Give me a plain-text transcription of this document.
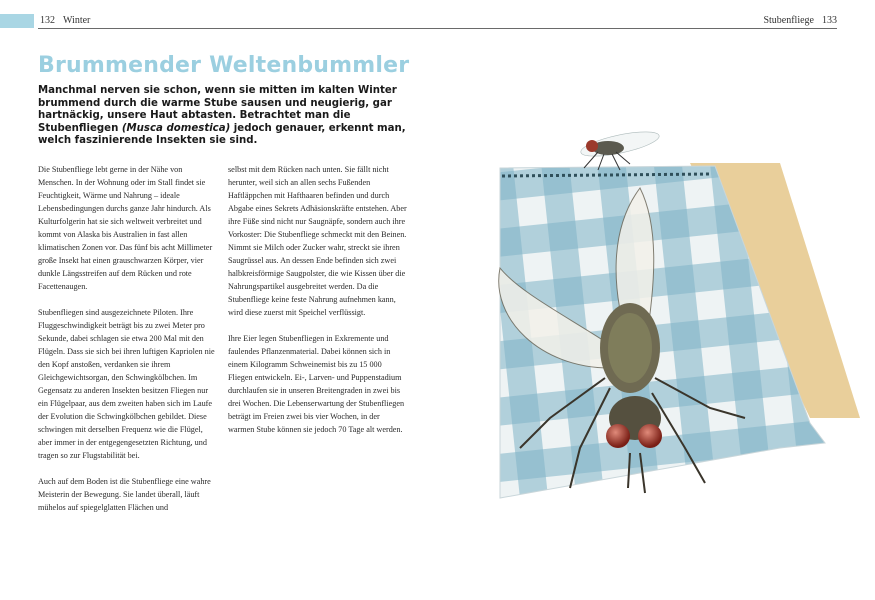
132 Winter	Stubenfliege 133
Brummender Weltenbummler

Manchmal nerven sie schon, wenn sie mitten im kalten Winter brummend durch die warme Stube sausen und neugierig, gar hartnäckig, unsere Haut abtasten. Betrachtet man die Stubenfliegen (Musca domestica) jedoch genauer, erkennt man, welch faszinierende Insekten sie sind.

Die Stubenfliege lebt gerne in der Nähe von Menschen. In der Wohnung oder im Stall findet sie Feuchtigkeit, Wärme und Nahrung – ideale Lebensbedingungen durchs ganze Jahr hindurch. Als Kulturfolgerin hat sie sich weltweit verbreitet und kommt von Alaska bis Australien in fast allen klimatischen Zonen vor. Das fünf bis acht Millimeter große Insekt hat einen grauschwarzen Körper, vier dunkle Längsstreifen auf dem Rücken und rote Facettenaugen.

Stubenfliegen sind ausgezeichnete Piloten. Ihre Fluggeschwindigkeit beträgt bis zu zwei Meter pro Sekunde, dabei schlagen sie etwa 200 Mal mit den Flügeln. Dass sie sich bei ihren luftigen Kapriolen nie den Kopf anstoßen, verdanken sie ihrem Gleichgewichtsorgan, den Schwingkölbchen. Im Gegensatz zu anderen Insekten besitzen Fliegen nur ein Flügelpaar, aus dem zweiten haben sich im Laufe der Evolution die Schwingkölbchen gebildet. Diese schwingen mit derselben Frequenz wie die Flügel, aber immer in der entgegengesetzten Richtung, und tragen so zur Flugstabilität bei.

Auch auf dem Boden ist die Stubenfliege eine wahre Meisterin der Bewegung. Sie landet überall, läuft mühelos auf spiegelglatten Flächen und

selbst mit dem Rücken nach unten. Sie fällt nicht herunter, weil sich an allen sechs Fußenden Haftläppchen mit Hafthaaren befinden und durch Abgabe eines Sekrets Adhäsionskräfte entstehen. Aber ihre Füße sind nicht nur Saugnäpfe, sondern auch ihre Vorkoster: Die Stubenfliege schmeckt mit den Beinen. Nimmt sie Milch oder Zucker wahr, streckt sie ihren Saugrüssel aus. An dessen Ende befinden sich zwei halbkreisförmige Saugpolster, die wie Kissen über die Nahrungspartikel ausgebreitet werden. Da die Stubenfliege keine feste Nahrung aufnehmen kann, wird diese zuerst mit Speichel verflüssigt.

Ihre Eier legen Stubenfliegen in Exkremente und faulendes Pflanzenmaterial. Dabei können sich in einem Kilogramm Schweinemist bis zu 15 000 Fliegen entwickeln. Ei-, Larven- und Puppenstadium durchlaufen sie in unseren Breitengraden in zwei bis drei Wochen. Die Lebenserwartung der Stubenfliegen beträgt im Freien zwei bis vier Wochen, in der warmen Stube können sie jedoch 70 Tage alt werden.
